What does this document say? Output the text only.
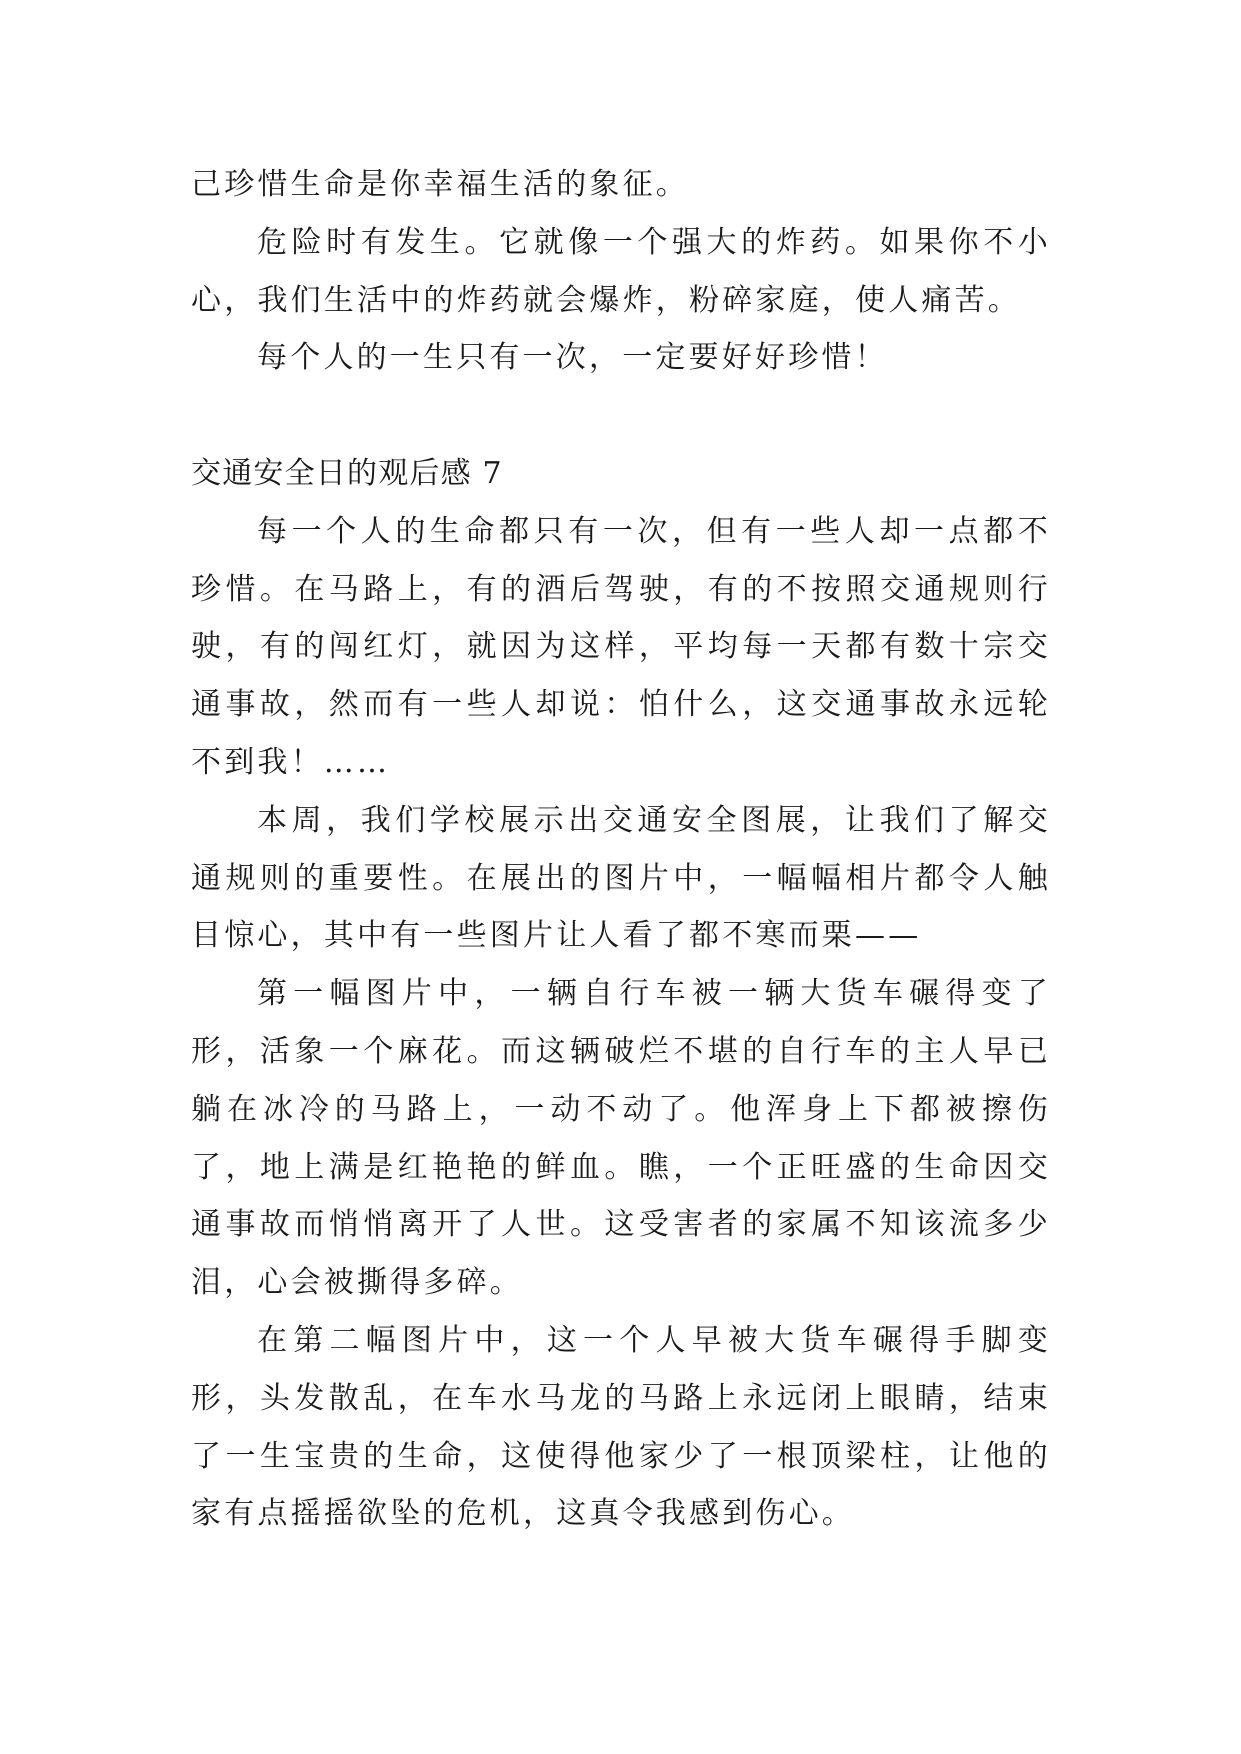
己珍惜生命是你幸福生活的象征。

危险时有发生。它就像一个强大的炸药。如果你不小心，我们生活中的炸药就会爆炸，粉碎家庭，使人痛苦。

每个人的一生只有一次，一定要好好珍惜！

交通安全日的观后感 7

每一个人的生命都只有一次，但有一些人却一点都不珍惜。在马路上，有的酒后驾驶，有的不按照交通规则行驶，有的闯红灯，就因为这样，平均每一天都有数十宗交通事故，然而有一些人却说：怕什么，这交通事故永远轮不到我！……

本周，我们学校展示出交通安全图展，让我们了解交通规则的重要性。在展出的图片中，一幅幅相片都令人触目惊心，其中有一些图片让人看了都不寒而栗——

第一幅图片中，一辆自行车被一辆大货车碾得变了形，活象一个麻花。而这辆破烂不堪的自行车的主人早已躺在冰冷的马路上，一动不动了。他浑身上下都被擦伤了，地上满是红艳艳的鲜血。瞧，一个正旺盛的生命因交通事故而悄悄离开了人世。这受害者的家属不知该流多少泪，心会被撕得多碎。

在第二幅图片中，这一个人早被大货车碾得手脚变形，头发散乱，在车水马龙的马路上永远闭上眼睛，结束了一生宝贵的生命，这使得他家少了一根顶梁柱，让他的家有点摇摇欲坠的危机，这真令我感到伤心。
